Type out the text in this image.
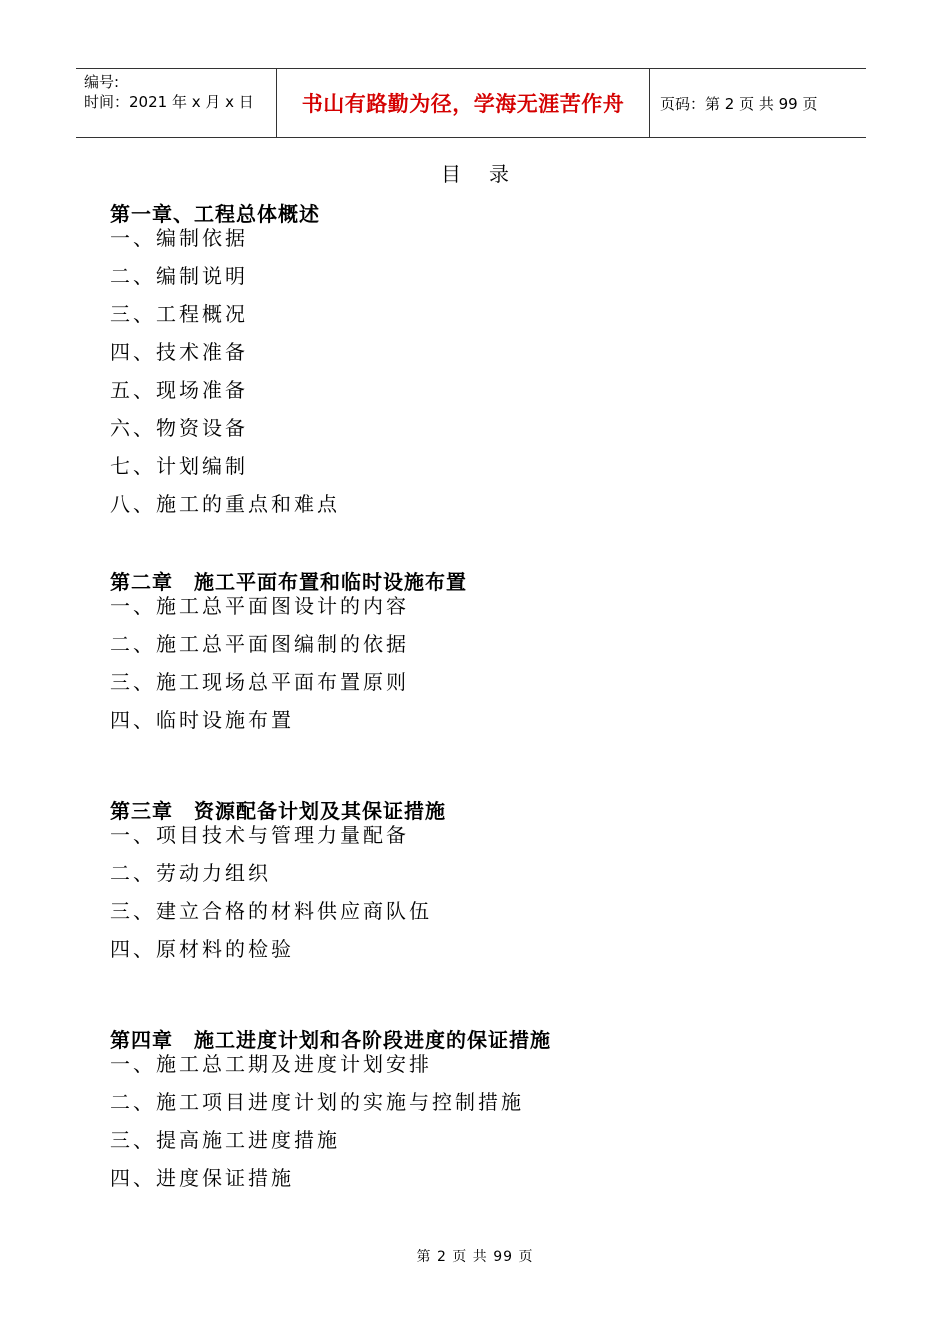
编号:
时间：2021 年 x 月 x 日	书山有路勤为径，学海无涯苦作舟 页码：第 2 页 共 99 页
目录
第一章、工程总体概述
一、编制依据
二、编制说明
三、工程概况
四、技术准备
五、现场准备
六、物资设备
七、计划编制
八、施工的重点和难点
第二章　施工平面布置和临时设施布置
一、施工总平面图设计的内容
二、施工总平面图编制的依据
三、施工现场总平面布置原则
四、临时设施布置
第三章　资源配备计划及其保证措施
一、项目技术与管理力量配备
二、劳动力组织
三、建立合格的材料供应商队伍
四、原材料的检验
第四章　施工进度计划和各阶段进度的保证措施
一、施工总工期及进度计划安排
二、施工项目进度计划的实施与控制措施
三、提高施工进度措施
四、进度保证措施
第 2 页 共 99 页
